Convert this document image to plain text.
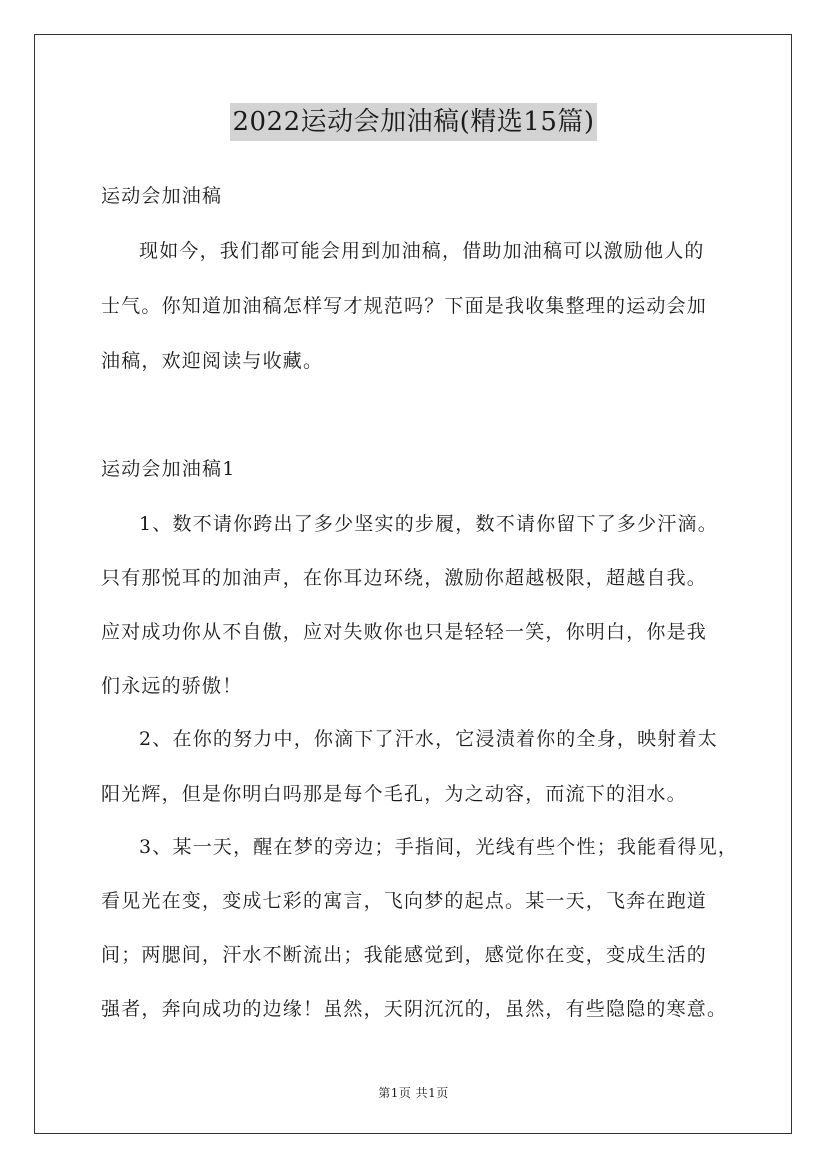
2022运动会加油稿(精选15篇)
运动会加油稿
现如今，我们都可能会用到加油稿，借助加油稿可以激励他人的
士气。你知道加油稿怎样写才规范吗？下面是我收集整理的运动会加
油稿，欢迎阅读与收藏。
运动会加油稿1
1、数不请你跨出了多少坚实的步履，数不请你留下了多少汗滴。
只有那悦耳的加油声，在你耳边环绕，激励你超越极限，超越自我。
应对成功你从不自傲，应对失败你也只是轻轻一笑，你明白，你是我
们永远的骄傲！
2、在你的努力中，你滴下了汗水，它浸渍着你的全身，映射着太
阳光辉，但是你明白吗那是每个毛孔，为之动容，而流下的泪水。
3、某一天，醒在梦的旁边；手指间，光线有些个性；我能看得见，
看见光在变，变成七彩的寓言，飞向梦的起点。某一天，飞奔在跑道
间；两腮间，汗水不断流出；我能感觉到，感觉你在变，变成生活的
强者，奔向成功的边缘！虽然，天阴沉沉的，虽然，有些隐隐的寒意。
第1页 共1页
